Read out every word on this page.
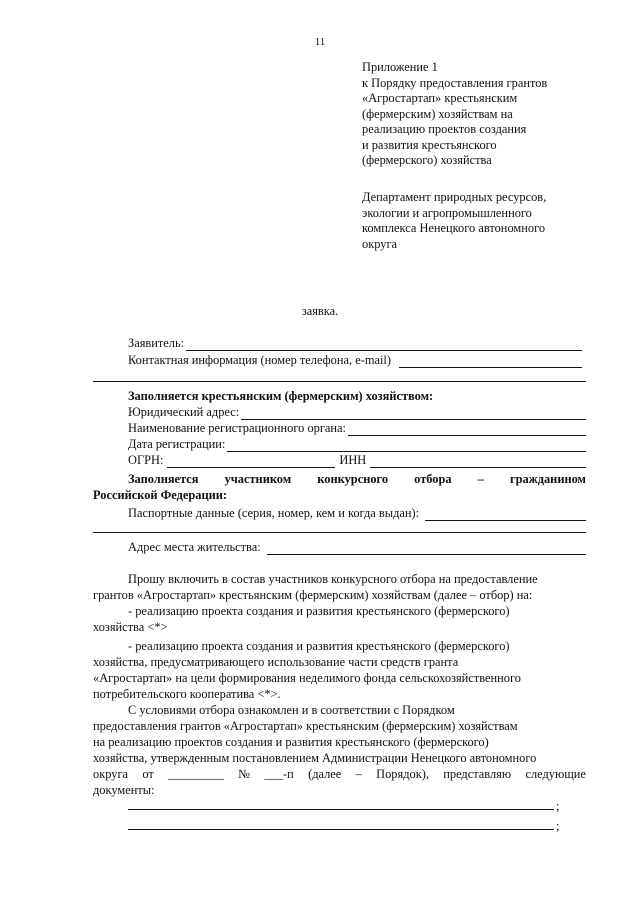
11
Приложение 1
к Порядку предоставления грантов
«Агростартап» крестьянским
(фермерским) хозяйствам на
реализацию проектов создания
и развития крестьянского
(фермерского) хозяйства
Департамент природных ресурсов,
экологии и агропромышленного
комплекса Ненецкого автономного
округа
заявка.
Заявитель:
Контактная информация (номер телефона, e-mail)
Заполняется крестьянским (фермерским) хозяйством:
Юридический адрес:
Наименование регистрационного органа:
Дата регистрации:
ОГРН:	ИНН
Заполняется участником конкурсного отбора – гражданином
Российской Федерации:
Паспортные данные (серия, номер, кем и когда выдан):
Адрес места жительства:
Прошу включить в состав участников конкурсного отбора на предоставление
грантов «Агростартап» крестьянским (фермерским) хозяйствам (далее – отбор) на:
- реализацию проекта создания и развития крестьянского (фермерского)
хозяйства <*>
- реализацию проекта создания и развития крестьянского (фермерского)
хозяйства, предусматривающего использование части средств гранта
«Агростартап» на цели формирования неделимого фонда сельскохозяйственного
потребительского кооператива <*>.
С условиями отбора ознакомлен и в соответствии с Порядком
предоставления грантов «Агростартап» крестьянским (фермерским) хозяйствам
на реализацию проектов создания и развития крестьянского (фермерского)
хозяйства, утвержденным постановлением Администрации Ненецкого автономного
округа от _________ № ___-п (далее – Порядок), представляю следующие
документы:
;
;
